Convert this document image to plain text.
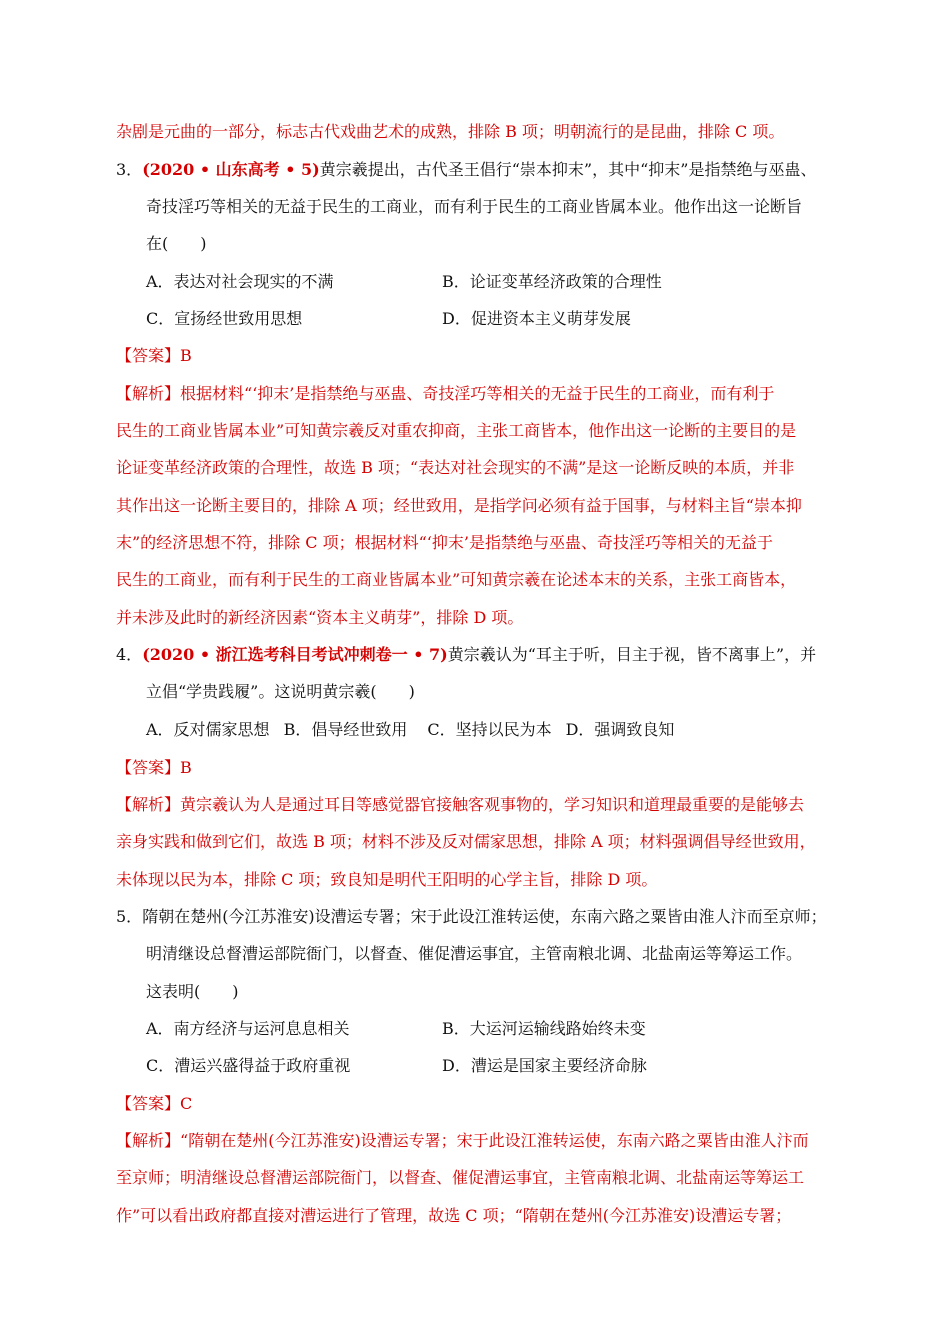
杂剧是元曲的一部分，标志古代戏曲艺术的成熟，排除 B 项；明朝流行的是昆曲，排除 C 项。
3．(2020 • 山东高考 • 5)黄宗羲提出，古代圣王倡行“崇本抑末”，其中“抑末”是指禁绝与巫蛊、
奇技淫巧等相关的无益于民生的工商业，而有利于民生的工商业皆属本业。他作出这一论断旨
在(　　)
A．表达对社会现实的不满	B．论证变革经济政策的合理性
C．宣扬经世致用思想	D．促进资本主义萌芽发展
【答案】B
【解析】根据材料“‘抑末’是指禁绝与巫蛊、奇技淫巧等相关的无益于民生的工商业，而有利于
民生的工商业皆属本业”可知黄宗羲反对重农抑商，主张工商皆本，他作出这一论断的主要目的是
论证变革经济政策的合理性，故选 B 项；“表达对社会现实的不满”是这一论断反映的本质，并非
其作出这一论断主要目的，排除 A 项；经世致用，是指学问必须有益于国事，与材料主旨“崇本抑
末”的经济思想不符，排除 C 项；根据材料“‘抑末’是指禁绝与巫蛊、奇技淫巧等相关的无益于
民生的工商业，而有利于民生的工商业皆属本业”可知黄宗羲在论述本末的关系，主张工商皆本，
并未涉及此时的新经济因素“资本主义萌芽”，排除 D 项。
4．(2020 • 浙江选考科目考试冲刺卷一 • 7)黄宗羲认为“耳主于听，目主于视，皆不离事上”，并
立倡“学贵践履”。这说明黄宗羲(　　)
A．反对儒家思想 B．倡导经世致用 C．坚持以民为本 D．强调致良知
【答案】B
【解析】黄宗羲认为人是通过耳目等感觉器官接触客观事物的，学习知识和道理最重要的是能够去
亲身实践和做到它们，故选 B 项；材料不涉及反对儒家思想，排除 A 项；材料强调倡导经世致用，
未体现以民为本，排除 C 项；致良知是明代王阳明的心学主旨，排除 D 项。
5．隋朝在楚州(今江苏淮安)设漕运专署；宋于此设江淮转运使，东南六路之粟皆由淮人汴而至京师；
明清继设总督漕运部院衙门，以督查、催促漕运事宜，主管南粮北调、北盐南运等筹运工作。
这表明(　　)
A．南方经济与运河息息相关	B．大运河运输线路始终未变
C．漕运兴盛得益于政府重视	D．漕运是国家主要经济命脉
【答案】C
【解析】“隋朝在楚州(今江苏淮安)设漕运专署；宋于此设江淮转运使，东南六路之粟皆由淮人汴而
至京师；明清继设总督漕运部院衙门，以督查、催促漕运事宜，主管南粮北调、北盐南运等筹运工
作”可以看出政府都直接对漕运进行了管理，故选 C 项；“隋朝在楚州(今江苏淮安)设漕运专署；
